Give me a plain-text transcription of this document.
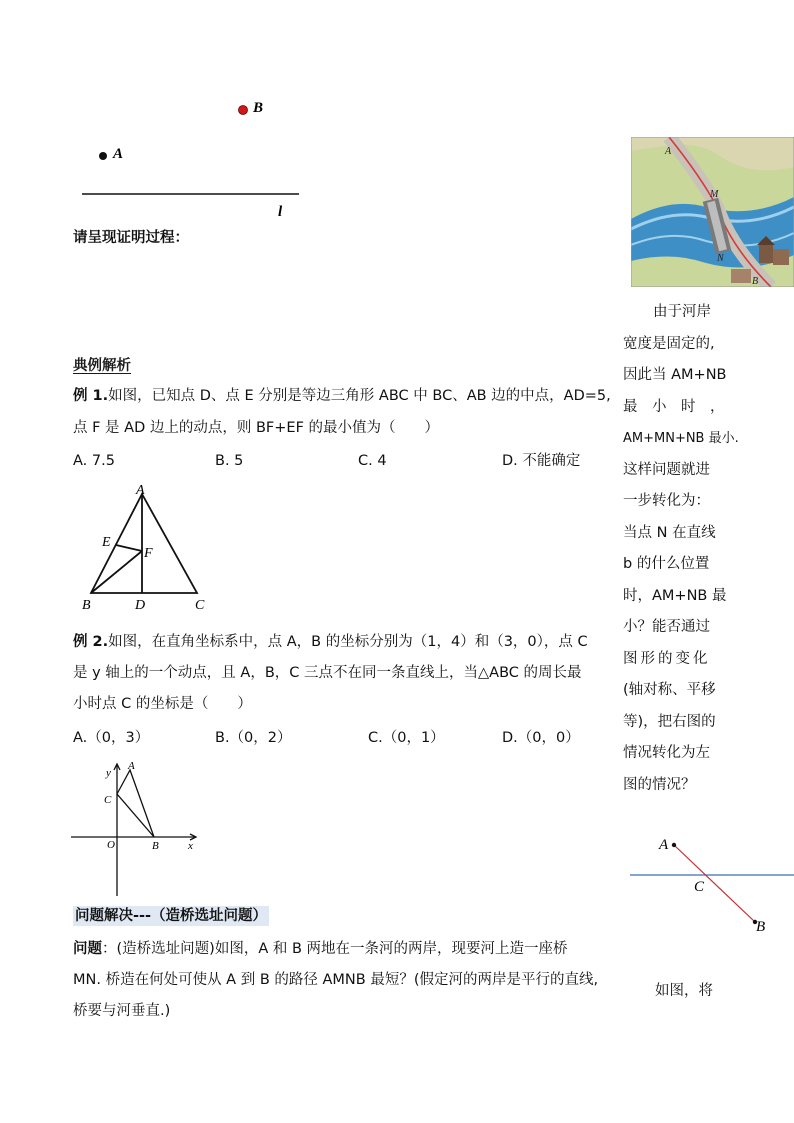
B
A
l
请呈现证明过程：
典例解析
例 1.如图，已知点 D、点 E 分别是等边三角形 ABC 中 BC、AB 边的中点，AD=5,
点 F 是 AD 边上的动点，则 BF+EF 的最小值为（　　）
A. 7.5	B. 5	C. 4	D. 不能确定
A
E
F
B	D	C
例 2.如图，在直角坐标系中，点 A，B 的坐标分别为（1，4）和（3，0），点 C
是 y 轴上的一个动点，且 A，B，C 三点不在同一条直线上，当△ABC 的周长最
小时点 C 的坐标是（　　）
A.（0，3）	B.（0，2）	C.（0，1）	D.（0，0）
y
A
C
O	B	x
问题解决---（造桥选址问题）
问题：(造桥选址问题)如图，A 和 B 两地在一条河的两岸，现要河上造一座桥
MN. 桥造在何处可使从 A 到 B 的路径 AMNB 最短？(假定河的两岸是平行的直线,
桥要与河垂直.)
A
M
N
B
由于河岸
宽度是固定的,
因此当 AM+NB
最　小　时　，
AM+MN+NB 最小.
这样问题就进
一步转化为：
当点 N 在直线
b 的什么位置
时，AM+NB 最
小？能否通过
图形的变化
(轴对称、平移
等)，把右图的
情况转化为左
图的情况？
A
C
B
如图，将
